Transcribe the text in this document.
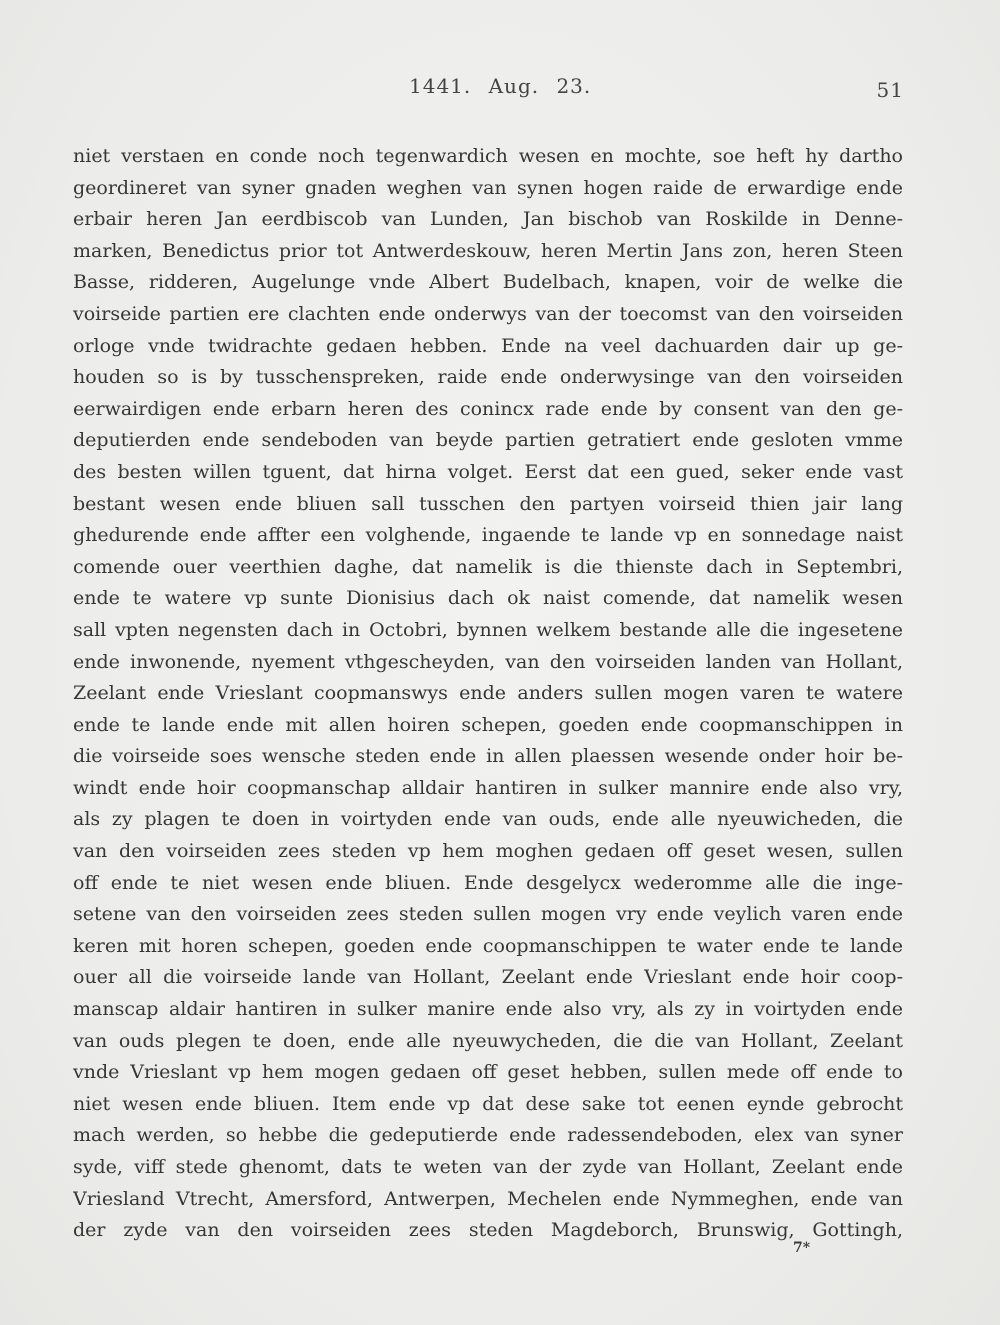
1441. Aug. 23.	51
niet verstaen en conde noch tegenwardich wesen en mochte, soe heft hy dartho
geordineret van syner gnaden weghen van synen hogen raide de erwardige ende
erbair heren Jan eerdbiscob van Lunden, Jan bischob van Roskilde in Denne-
marken, Benedictus prior tot Antwerdeskouw, heren Mertin Jans zon, heren Steen
Basse, ridderen, Augelunge vnde Albert Budelbach, knapen, voir de welke die
voirseide partien ere clachten ende onderwys van der toecomst van den voirseiden
orloge vnde twidrachte gedaen hebben. Ende na veel dachuarden dair up ge-
houden so is by tusschenspreken, raide ende onderwysinge van den voirseiden
eerwairdigen ende erbarn heren des conincx rade ende by consent van den ge-
deputierden ende sendeboden van beyde partien getratiert ende gesloten vmme
des besten willen tguent, dat hirna volget. Eerst dat een gued, seker ende vast
bestant wesen ende bliuen sall tusschen den partyen voirseid thien jair lang
ghedurende ende affter een volghende, ingaende te lande vp en sonnedage naist
comende ouer veerthien daghe, dat namelik is die thienste dach in Septembri,
ende te watere vp sunte Dionisius dach ok naist comende, dat namelik wesen
sall vpten negensten dach in Octobri, bynnen welkem bestande alle die ingesetene
ende inwonende, nyement vthgescheyden, van den voirseiden landen van Hollant,
Zeelant ende Vrieslant coopmanswys ende anders sullen mogen varen te watere
ende te lande ende mit allen hoiren schepen, goeden ende coopmanschippen in
die voirseide soes wensche steden ende in allen plaessen wesende onder hoir be-
windt ende hoir coopmanschap alldair hantiren in sulker mannire ende also vry,
als zy plagen te doen in voirtyden ende van ouds, ende alle nyeuwicheden, die
van den voirseiden zees steden vp hem moghen gedaen off geset wesen, sullen
off ende te niet wesen ende bliuen. Ende desgelycx wederomme alle die inge-
setene van den voirseiden zees steden sullen mogen vry ende veylich varen ende
keren mit horen schepen, goeden ende coopmanschippen te water ende te lande
ouer all die voirseide lande van Hollant, Zeelant ende Vrieslant ende hoir coop-
manscap aldair hantiren in sulker manire ende also vry, als zy in voirtyden ende
van ouds plegen te doen, ende alle nyeuwycheden, die die van Hollant, Zeelant
vnde Vrieslant vp hem mogen gedaen off geset hebben, sullen mede off ende to
niet wesen ende bliuen. Item ende vp dat dese sake tot eenen eynde gebrocht
mach werden, so hebbe die gedeputierde ende radessendeboden, elex van syner
syde, viff stede ghenomt, dats te weten van der zyde van Hollant, Zeelant ende
Vriesland Vtrecht, Amersford, Antwerpen, Mechelen ende Nymmeghen, ende van
der zyde van den voirseiden zees steden Magdeborch, Brunswig, Gottingh,
7*
